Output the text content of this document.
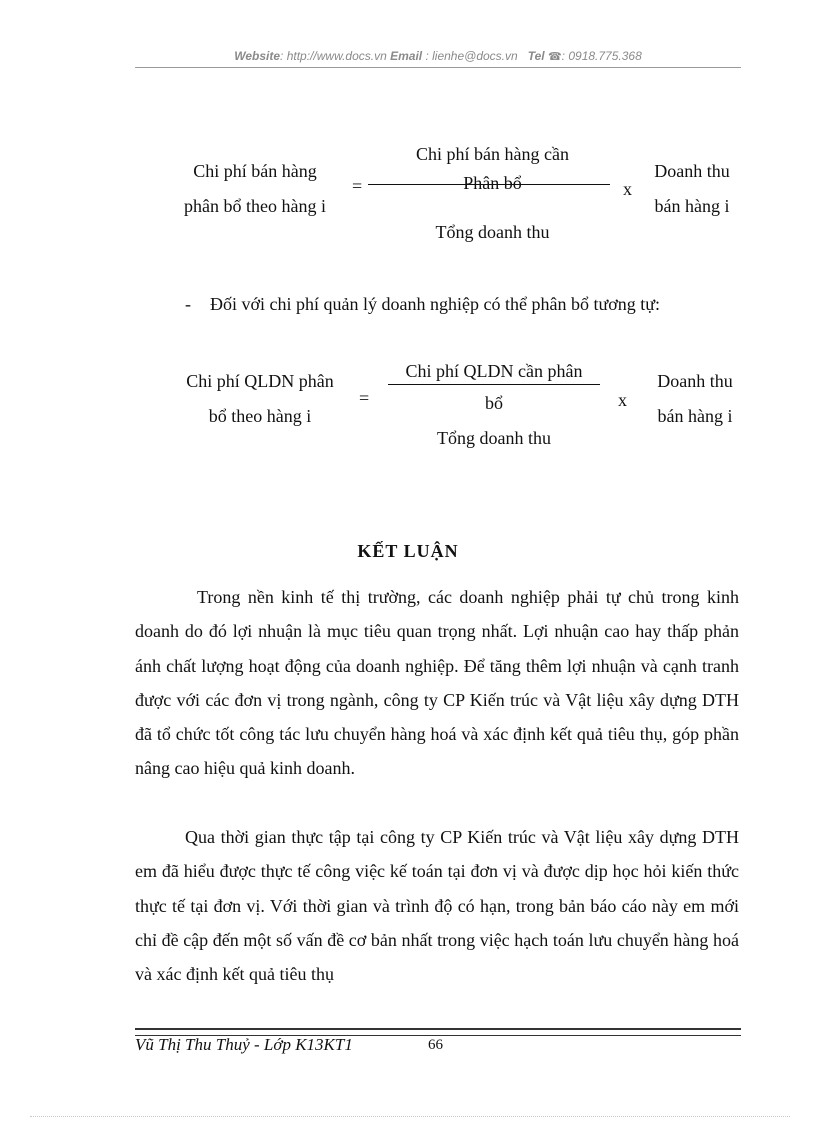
Website: http://www.docs.vn Email : lienhe@docs.vn Tel ☎: 0918.775.368
Chi phí bán hàng
phân bổ theo hàng i
=
Chi phí bán hàng cần
Phân bổ
Tổng doanh thu
x
Doanh thu
bán hàng i
- Đối với chi phí quản lý doanh nghiệp có thể phân bổ tương tự:
Chi phí QLDN phân
bổ theo hàng i
=
Chi phí QLDN cần phân
bổ
Tổng doanh thu
x
Doanh thu
bán hàng i
KẾT LUẬN
Trong nền kinh tế thị trường, các doanh nghiệp phải tự chủ trong kinh doanh do đó lợi nhuận là mục tiêu quan trọng nhất. Lợi nhuận cao hay thấp phản ánh chất lượng hoạt động của doanh nghiệp. Để tăng thêm lợi nhuận và cạnh tranh được với các đơn vị trong ngành, công ty CP Kiến trúc và Vật liệu xây dựng DTH đã tổ chức tốt công tác lưu chuyển hàng hoá và xác định kết quả tiêu thụ, góp phần nâng cao hiệu quả kinh doanh.
Qua thời gian thực tập tại công ty CP Kiến trúc và Vật liệu xây dựng DTH em đã hiểu được thực tế công việc kế toán tại đơn vị và được dịp học hỏi kiến thức thực tế tại đơn vị. Với thời gian và trình độ có hạn, trong bản báo cáo này em mới chỉ đề cập đến một số vấn đề cơ bản nhất trong việc hạch toán lưu chuyển hàng hoá và xác định kết quả tiêu thụ
Vũ Thị Thu Thuỷ - Lớp K13KT1	66
